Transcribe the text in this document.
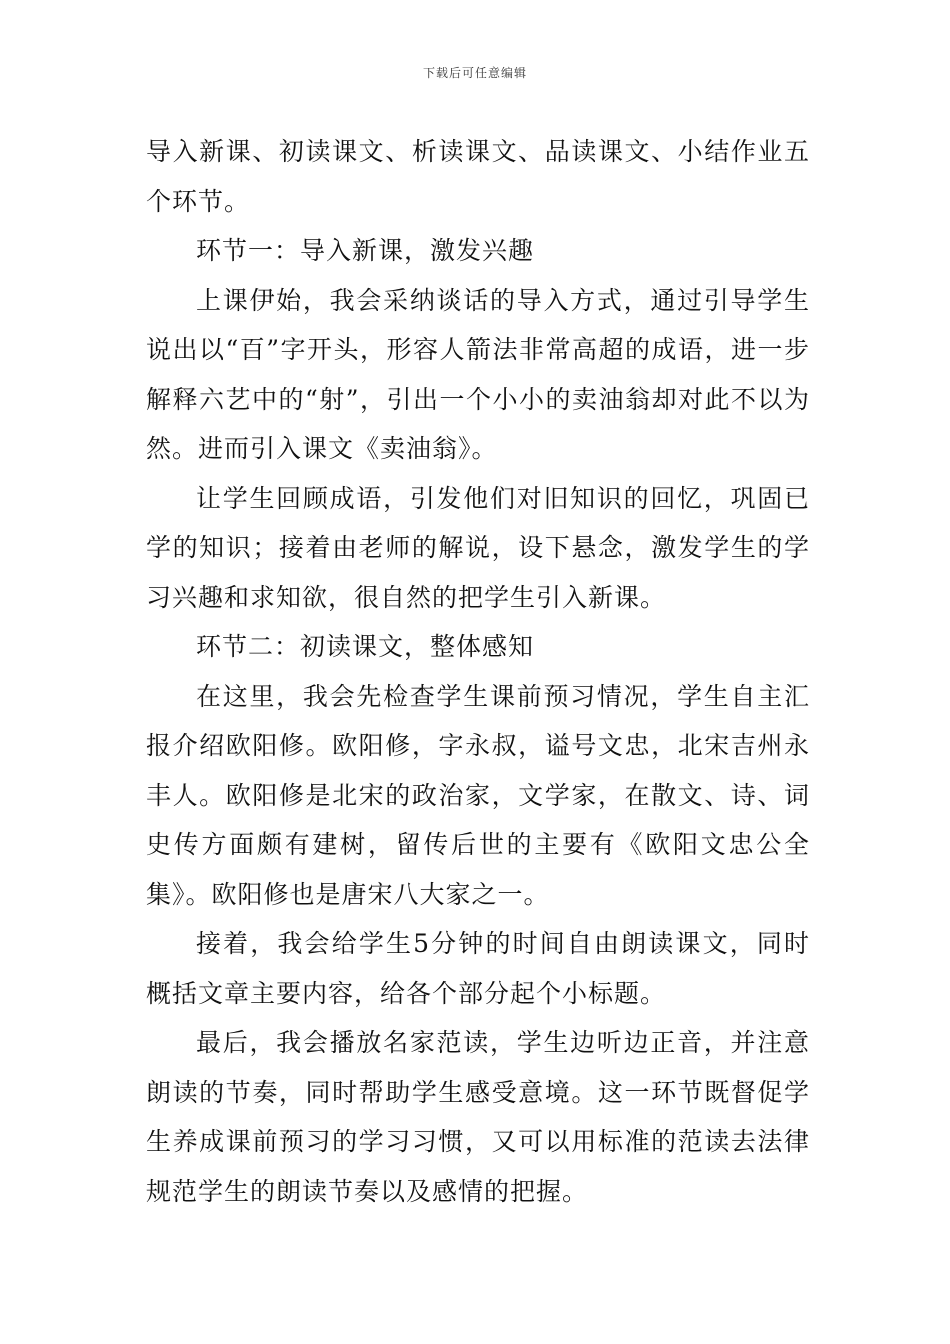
下载后可任意编辑

导入新课、初读课文、析读课文、品读课文、小结作业五个环节。

环节一：导入新课，激发兴趣

上课伊始，我会采纳谈话的导入方式，通过引导学生说出以“百”字开头，形容人箭法非常高超的成语，进一步解释六艺中的“射”，引出一个小小的卖油翁却对此不以为然。进而引入课文《卖油翁》。

让学生回顾成语，引发他们对旧知识的回忆，巩固已学的知识；接着由老师的解说，设下悬念，激发学生的学习兴趣和求知欲，很自然的把学生引入新课。

环节二：初读课文，整体感知

在这里，我会先检查学生课前预习情况，学生自主汇报介绍欧阳修。欧阳修，字永叔，谥号文忠，北宋吉州永丰人。欧阳修是北宋的政治家，文学家，在散文、诗、词史传方面颇有建树，留传后世的主要有《欧阳文忠公全集》。欧阳修也是唐宋八大家之一。

接着，我会给学生5分钟的时间自由朗读课文，同时概括文章主要内容，给各个部分起个小标题。

最后，我会播放名家范读，学生边听边正音，并注意朗读的节奏，同时帮助学生感受意境。这一环节既督促学生养成课前预习的学习习惯，又可以用标准的范读去法律规范学生的朗读节奏以及感情的把握。
